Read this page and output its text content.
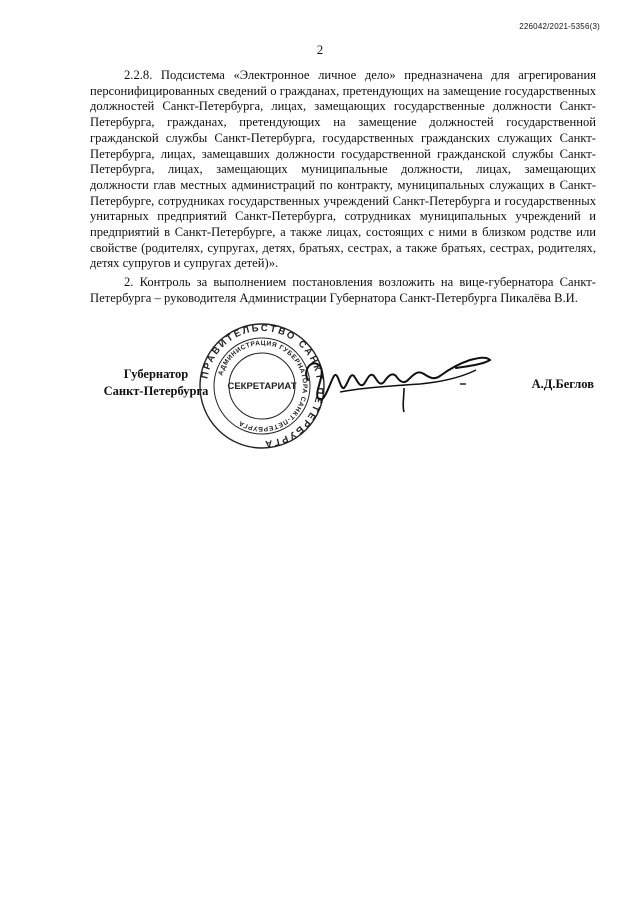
226042/2021-5356(3)
2

2.2.8. Подсистема «Электронное личное дело» предназначена для агрегирования персонифицированных сведений о гражданах, претендующих на замещение государственных должностей Санкт-Петербурга, лицах, замещающих государственные должности Санкт-Петербурга, гражданах, претендующих на замещение должностей государственной гражданской службы Санкт-Петербурга, государственных гражданских служащих Санкт-Петербурга, лицах, замещавших должности государственной гражданской службы Санкт-Петербурга, лицах, замещающих муниципальные должности, лицах, замещающих должности глав местных администраций по контракту, муниципальных служащих в Санкт-Петербурге, сотрудниках государственных учреждений Санкт-Петербурга и государственных унитарных предприятий Санкт-Петербурга, сотрудниках муниципальных учреждений и предприятий в Санкт-Петербурге, а также лицах, состоящих с ними в близком родстве или свойстве (родителях, супругах, детях, братьях, сестрах, а также братьях, сестрах, родителях, детях супругов и супругах детей)».

2. Контроль за выполнением постановления возложить на вице-губернатора Санкт-Петербурга – руководителя Администрации Губернатора Санкт-Петербурга Пикалёва В.И.

Губернатор
Санкт-Петербурга
ПРАВИТЕЛЬСТВО САНКТ-ПЕТЕРБУРГА
АДМИНИСТРАЦИЯ ГУБЕРНАТОРА САНКТ-ПЕТЕРБУРГА
СЕКРЕТАРИАТ	А.Д.Беглов
